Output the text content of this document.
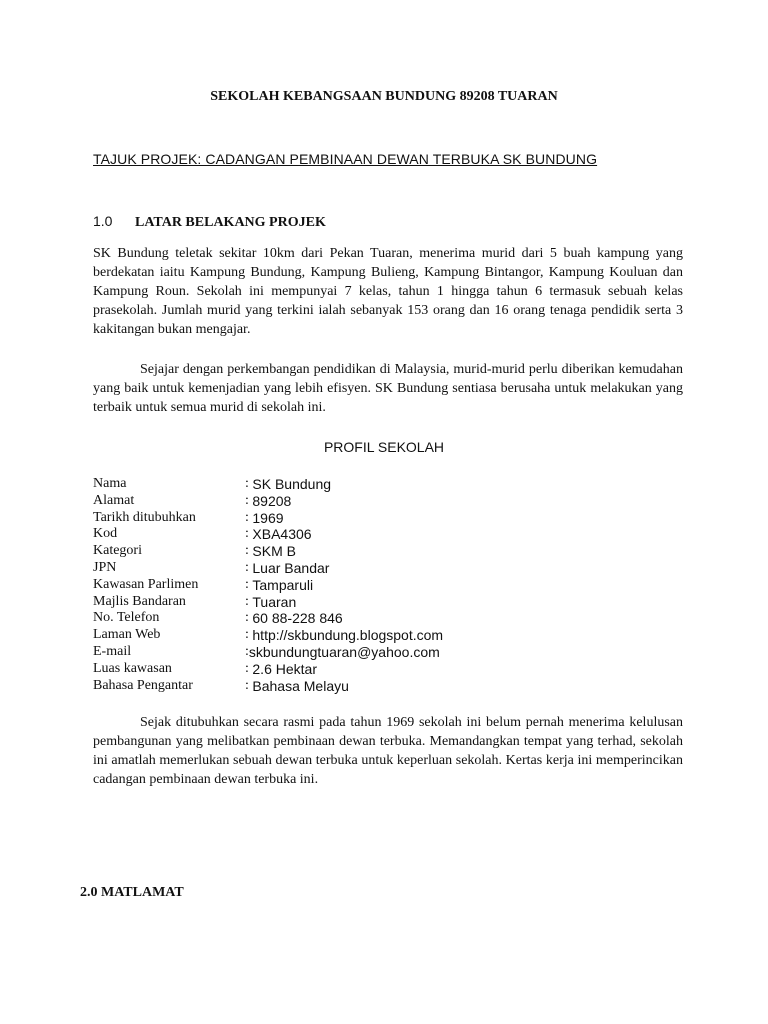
SEKOLAH KEBANGSAAN BUNDUNG 89208 TUARAN
TAJUK PROJEK: CADANGAN PEMBINAAN DEWAN TERBUKA SK BUNDUNG
1.0 LATAR BELAKANG PROJEK
SK Bundung teletak sekitar 10km dari Pekan Tuaran, menerima murid dari 5 buah kampung yang berdekatan iaitu Kampung Bundung, Kampung Bulieng, Kampung Bintangor, Kampung Kouluan dan Kampung Roun. Sekolah ini mempunyai 7 kelas, tahun 1 hingga tahun 6 termasuk sebuah kelas prasekolah. Jumlah murid yang terkini ialah sebanyak 153 orang dan 16 orang tenaga pendidik serta 3 kakitangan bukan mengajar.
Sejajar dengan perkembangan pendidikan di Malaysia, murid-murid perlu diberikan kemudahan yang baik untuk kemenjadian yang lebih efisyen. SK Bundung sentiasa berusaha untuk melakukan yang terbaik untuk semua murid di sekolah ini.
PROFIL SEKOLAH
Nama	: SK Bundung
Alamat	: 89208
Tarikh ditubuhkan	: 1969
Kod	: XBA4306
Kategori	: SKM B
JPN	: Luar Bandar
Kawasan Parlimen	: Tamparuli
Majlis Bandaran	: Tuaran
No. Telefon	: 60 88-228 846
Laman Web	: http://skbundung.blogspot.com
E-mail	: skbundungtuaran@yahoo.com
Luas kawasan	: 2.6 Hektar
Bahasa Pengantar	: Bahasa Melayu
Sejak ditubuhkan secara rasmi pada tahun 1969 sekolah ini belum pernah menerima kelulusan pembangunan yang melibatkan pembinaan dewan terbuka. Memandangkan tempat yang terhad, sekolah ini amatlah memerlukan sebuah dewan terbuka untuk keperluan sekolah. Kertas kerja ini memperincikan cadangan pembinaan dewan terbuka ini.
2.0 MATLAMAT
